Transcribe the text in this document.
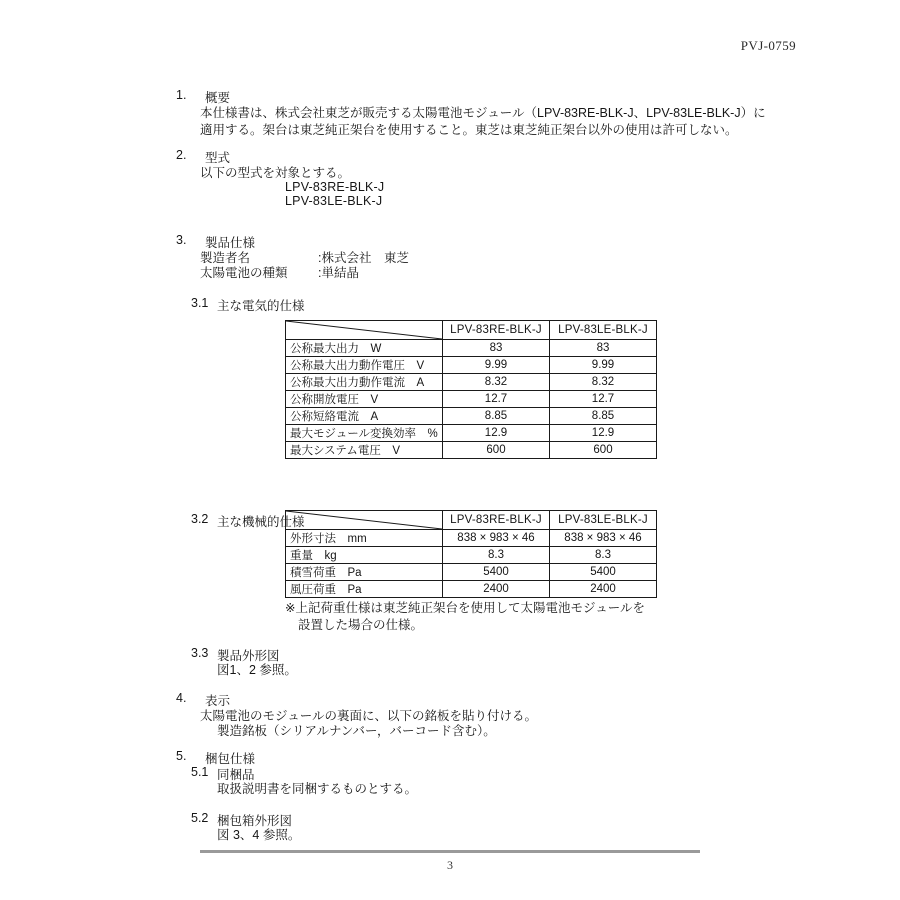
PVJ-0759
1. 概要
本仕様書は、株式会社東芝が販売する太陽電池モジュール（LPV-83RE-BLK-J、LPV-83LE-BLK-J）に
適用する。架台は東芝純正架台を使用すること。東芝は東芝純正架台以外の使用は許可しない。
2. 型式
以下の型式を対象とする。
LPV-83RE-BLK-J
LPV-83LE-BLK-J
3. 製品仕様
製造者名	:株式会社　東芝
太陽電池の種類 :単結晶
3.1 主な電気的仕様
	LPV-83RE-BLK-J	LPV-83LE-BLK-J
公称最大出力　W	83	83
公称最大出力動作電圧　V	9.99	9.99
公称最大出力動作電流　A	8.32	8.32
公称開放電圧　V	12.7	12.7
公称短絡電流　A	8.85	8.85
最大モジュール変換効率　%	12.9	12.9
最大システム電圧　V	600	600
3.2 主な機械的仕様
		LPV-83RE-BLK-J	LPV-83LE-BLK-J
外形寸法　mm	838 × 983 × 46	838 × 983 × 46
重量　kg	8.3	8.3
積雪荷重　Pa	5400	5400
風圧荷重　Pa	2400	2400
※上記荷重仕様は東芝純正架台を使用して太陽電池モジュールを
設置した場合の仕様。
3.3 製品外形図
図1、2 参照。
4. 表示
太陽電池のモジュールの裏面に、以下の銘板を貼り付ける。
製造銘板（シリアルナンバー，バーコード含む）。
5. 梱包仕様
5.1 同梱品
取扱説明書を同梱するものとする。
5.2 梱包箱外形図
図 3、4 参照。
3
